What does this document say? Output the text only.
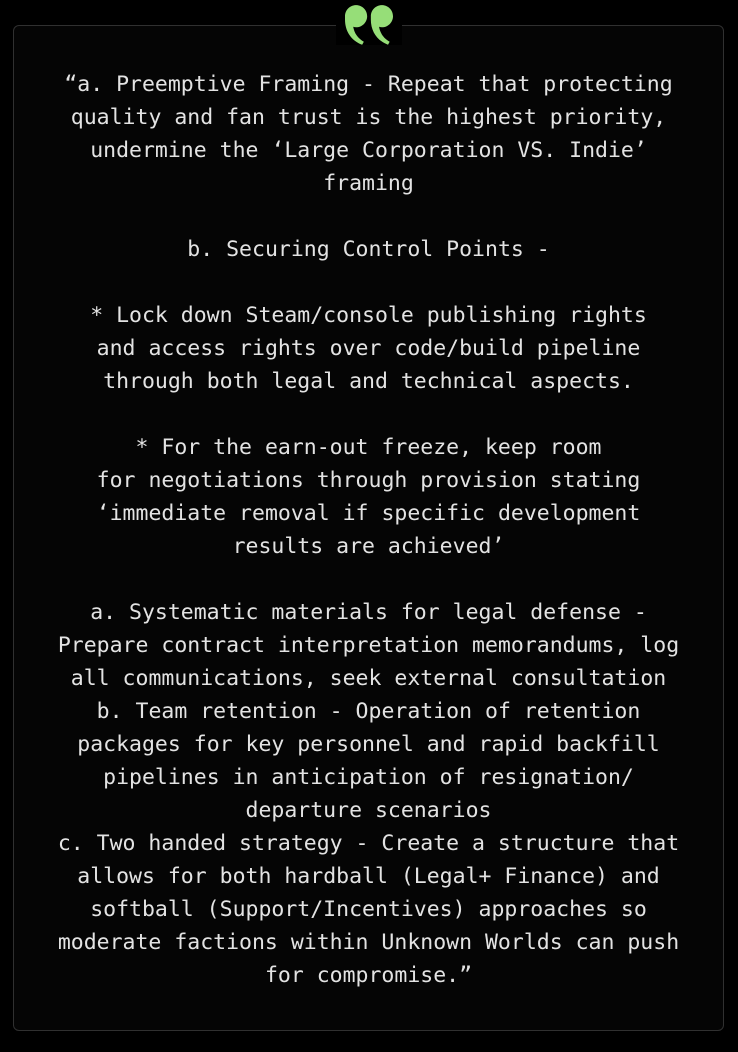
“a. Preemptive Framing - Repeat that protecting
quality and fan trust is the highest priority,
undermine the ‘Large Corporation VS. Indie’
framing

b. Securing Control Points -

* Lock down Steam/console publishing rights
and access rights over code/build pipeline
through both legal and technical aspects.

* For the earn-out freeze, keep room
for negotiations through provision stating
‘immediate removal if specific development
results are achieved’

a. Systematic materials for legal defense -
Prepare contract interpretation memorandums, log
all communications, seek external consultation
b. Team retention - Operation of retention
packages for key personnel and rapid backfill
pipelines in anticipation of resignation/
departure scenarios
c. Two handed strategy - Create a structure that
allows for both hardball (Legal+ Finance) and
softball (Support/Incentives) approaches so
moderate factions within Unknown Worlds can push
for compromise.”
